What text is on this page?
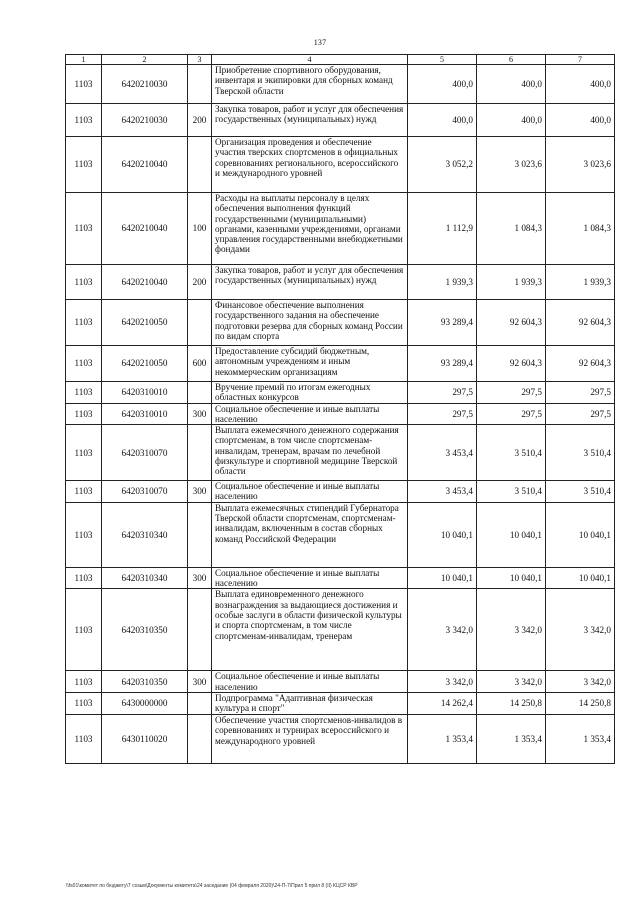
137
1	2	3	4	5	6	7
1103	6420210030		Приобретение спортивного оборудования, инвентаря и экипировки для сборных команд Тверской области	400,0	400,0	400,0
1103	6420210030	200	Закупка товаров, работ и услуг для обеспечения государственных (муниципальных) нужд	400,0	400,0	400,0
1103	6420210040		Организация проведения и обеспечение участия тверских спортсменов в официальных соревнованиях регионального, всероссийского и международного уровней	3 052,2	3 023,6	3 023,6
1103	6420210040	100	Расходы на выплаты персоналу в целях обеспечения выполнения функций государственными (муниципальными) органами, казенными учреждениями, органами управления государственными внебюджетными фондами	1 112,9	1 084,3	1 084,3
1103	6420210040	200	Закупка товаров, работ и услуг для обеспечения государственных (муниципальных) нужд	1 939,3	1 939,3	1 939,3
1103	6420210050		Финансовое обеспечение выполнения государственного задания на обеспечение подготовки резерва для сборных команд России по видам спорта	93 289,4	92 604,3	92 604,3
1103	6420210050	600	Предоставление субсидий бюджетным, автономным учреждениям и иным некоммерческим организациям	93 289,4	92 604,3	92 604,3
1103	6420310010		Вручение премий по итогам ежегодных областных конкурсов	297,5	297,5	297,5
1103	6420310010	300	Социальное обеспечение и иные выплаты населению	297,5	297,5	297,5
1103	6420310070		Выплата ежемесячного денежного содержания спортсменам, в том числе спортсменам-инвалидам, тренерам, врачам по лечебной физкультуре и спортивной медицине Тверской области	3 453,4	3 510,4	3 510,4
1103	6420310070	300	Социальное обеспечение и иные выплаты населению	3 453,4	3 510,4	3 510,4
1103	6420310340		Выплата ежемесячных стипендий Губернатора Тверской области спортсменам, спортсменам-инвалидам, включенным в состав сборных команд Российской Федерации	10 040,1	10 040,1	10 040,1
1103	6420310340	300	Социальное обеспечение и иные выплаты населению	10 040,1	10 040,1	10 040,1
1103	6420310350		Выплата единовременного денежного вознаграждения за выдающиеся достижения и особые заслуги в области физической культуры и спорта спортсменам, в том числе спортсменам-инвалидам, тренерам	3 342,0	3 342,0	3 342,0
1103	6420310350	300	Социальное обеспечение и иные выплаты населению	3 342,0	3 342,0	3 342,0
1103	6430000000		Подпрограмма "Адаптивная физическая культура и спорт"	14 262,4	14 250,8	14 250,8
1103	6430110020		Обеспечение участия спортсменов-инвалидов в соревнованиях и турнирах всероссийского и международного уровней	1 353,4	1 353,4	1 353,4
\\fs01\комитет по бюджету\7 созыв\Документы комитета\24 заседание (04 февраля 2020)\24-П-7\Прил 5 прил 8 (II) КЦСР КВР
